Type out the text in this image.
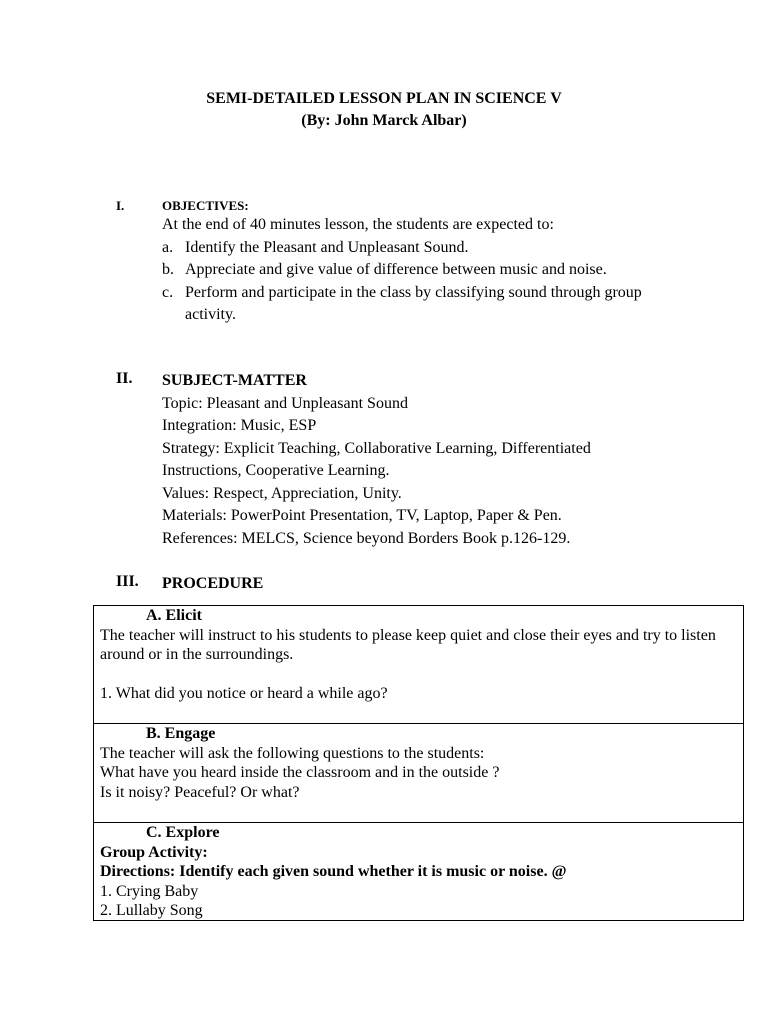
SEMI-DETAILED LESSON PLAN IN SCIENCE V
(By: John Marck Albar)
I.	OBJECTIVES:
At the end of 40 minutes lesson, the students are expected to:
a. Identify the Pleasant and Unpleasant Sound.
b. Appreciate and give value of difference between music and noise.
c. Perform and participate in the class by classifying sound through group activity.
II. SUBJECT-MATTER
Topic: Pleasant and Unpleasant Sound
Integration: Music, ESP
Strategy: Explicit Teaching, Collaborative Learning, Differentiated Instructions, Cooperative Learning.
Values: Respect, Appreciation, Unity.
Materials: PowerPoint Presentation, TV, Laptop, Paper & Pen.
References: MELCS, Science beyond Borders Book p.126-129.
III. PROCEDURE
A. Elicit
The teacher will instruct to his students to please keep quiet and close their eyes and try to listen around or in the surroundings.
1. What did you notice or heard a while ago?
B. Engage
The teacher will ask the following questions to the students:
What have you heard inside the classroom and in the outside ?
Is it noisy? Peaceful? Or what?
C. Explore
Group Activity:
Directions: Identify each given sound whether it is music or noise. @
1. Crying Baby
2. Lullaby Song
